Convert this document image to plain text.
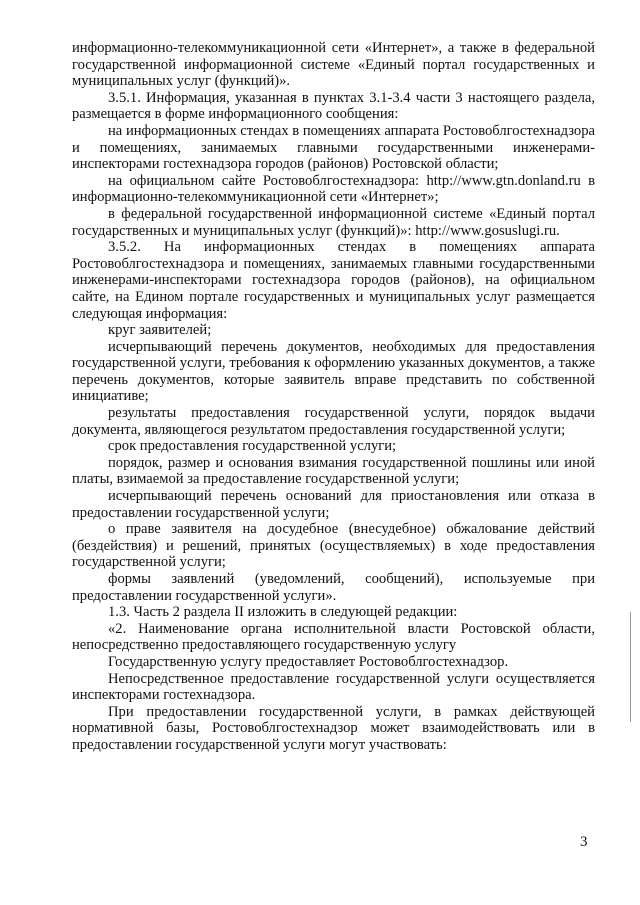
информационно-телекоммуникационной сети «Интернет», а также в федеральной государственной информационной системе «Единый портал государственных и муниципальных услуг (функций)».

3.5.1. Информация, указанная в пунктах 3.1-3.4 части 3 настоящего раздела, размещается в форме информационного сообщения:

на информационных стендах в помещениях аппарата Ростовоблгостехнадзора и помещениях, занимаемых главными государственными инженерами-инспекторами гостехнадзора городов (районов) Ростовской области;

на официальном сайте Ростовоблгостехнадзора: http://www.gtn.donland.ru в информационно-телекоммуникационной сети «Интернет»;

в федеральной государственной информационной системе «Единый портал государственных и муниципальных услуг (функций)»: http://www.gosuslugi.ru.

3.5.2. На информационных стендах в помещениях аппарата Ростовоблгостехнадзора и помещениях, занимаемых главными государственными инженерами-инспекторами гостехнадзора городов (районов), на официальном сайте, на Едином портале государственных и муниципальных услуг размещается следующая информация:

круг заявителей;

исчерпывающий перечень документов, необходимых для предоставления государственной услуги, требования к оформлению указанных документов, а также перечень документов, которые заявитель вправе представить по собственной инициативе;

результаты предоставления государственной услуги, порядок выдачи документа, являющегося результатом предоставления государственной услуги;

срок предоставления государственной услуги;

порядок, размер и основания взимания государственной пошлины или иной платы, взимаемой за предоставление государственной услуги;

исчерпывающий перечень оснований для приостановления или отказа в предоставлении государственной услуги;

о праве заявителя на досудебное (внесудебное) обжалование действий (бездействия) и решений, принятых (осуществляемых) в ходе предоставления государственной услуги;

формы заявлений (уведомлений, сообщений), используемые при предоставлении государственной услуги».

1.3. Часть 2 раздела II изложить в следующей редакции:

«2. Наименование органа исполнительной власти Ростовской области, непосредственно предоставляющего государственную услугу

Государственную услугу предоставляет Ростовоблгостехнадзор.

Непосредственное предоставление государственной услуги осуществляется инспекторами гостехнадзора.

При предоставлении государственной услуги, в рамках действующей нормативной базы, Ростовоблгостехнадзор может взаимодействовать или в предоставлении государственной услуги могут участвовать:

3
